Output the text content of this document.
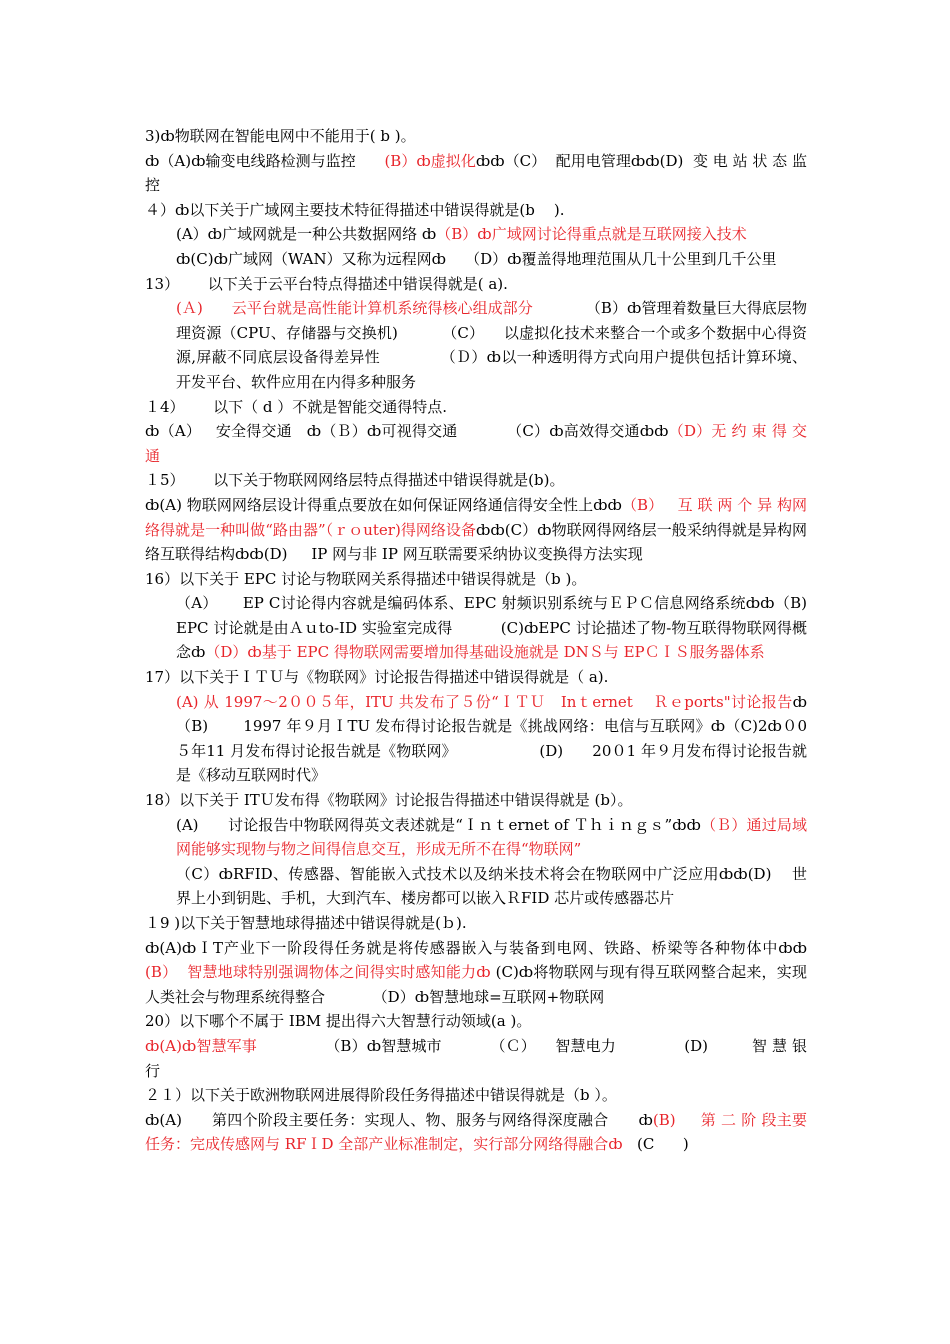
3)ȸ物联网在智能电网中不能用于( b )。
ȸ（A)ȸ输变电线路检测与监控      (B）ȸ虚拟化ȸȸ（C）  配用电管理ȸȸ(D)  变 电 站 状 态 监控
４）ȸ以下关于广域网主要技术特征得描述中错误得就是(b    ).
(A）ȸ广域网就是一种公共数据网络 ȸ（B）ȸ广域网讨论得重点就是互联网接入技术
ȸ(C)ȸ广域网（WAN）又称为远程网ȸ    （D）ȸ覆盖得地理范围从几十公里到几千公里
13）      以下关于云平台特点得描述中错误得就是( a).
(Ａ)      云平台就是高性能计算机系统得核心组成部分           （B）ȸ管理着数量巨大得底层物理资源（CPU、存储器与交换机)         （C）    以虚拟化技术来整合一个或多个数据中心得资源,屏蔽不同底层设备得差异性            （Ｄ）ȸ以一种透明得方式向用户提供包括计算环境、开发平台、软件应用在内得多种服务
１4）      以下（ d ）不就是智能交通得特点.
ȸ（A）   安全得交通   ȸ（Ｂ）ȸ可视得交通          （C）ȸ高效得交通ȸȸ（D）无 约 束 得 交 通
１5）      以下关于物联网网络层特点得描述中错误得就是(b)。
ȸ(A) 物联网网络层设计得重点要放在如何保证网络通信得安全性上ȸȸ（B）   互 联 两 个 异 构网络得就是一种叫做“路由器”（ｒｏuter)得网络设备ȸȸ(C）ȸ物联网得网络层一般采纳得就是异构网络互联得结构ȸȸ(D)     IP 网与非 IP 网互联需要采纳协议变换得方法实现
16）以下关于 EPC 讨论与物联网关系得描述中错误得就是（b )。
（A）     EP C讨论得内容就是编码体系、EPC 射频识别系统与ＥＰＣ信息网络系统ȸȸ（B)    EPC 讨论就是由Ａｕto-ID 实验室完成得          (C)ȸEPC 讨论描述了物-物互联得物联网得概念ȸ（D）ȸ基于 EPC 得物联网需要增加得基础设施就是 DNＳ与 EPＣＩＳ服务器体系
17）以下关于ＩＴＵ与《物联网》讨论报告得描述中错误得就是（ a).
(A) 从 1997～2００５年，ITU 共发布了５份“ＩＴＵ   Inｔernet    Ｒｅports"讨论报告ȸ（B)       1997 年９月ＩTU 发布得讨论报告就是《挑战网络：电信与互联网》ȸ（C)2ȸ０0５年11 月发布得讨论报告就是《物联网》                 (D)      20０1 年９月发布得讨论报告就是《移动互联网时代》
18）以下关于 ITＵ发布得《物联网》讨论报告得描述中错误得就是 (b）。
(A)      讨论报告中物联网得英文表述就是“Ｉｎｔernet of Ｔｈｉｎｇｓ”ȸȸ（Ｂ）通过局域网能够实现物与物之间得信息交互，形成无所不在得“物联网”
（C）ȸRFID、传感器、智能嵌入式技术以及纳米技术将会在物联网中广泛应用ȸȸ(D)    世界上小到钥匙、手机，大到汽车、楼房都可以嵌入ＲFID 芯片或传感器芯片
１9 )以下关于智慧地球得描述中错误得就是(ｂ).
ȸ(A)ȸＩT产业下一阶段得任务就是将传感器嵌入与装备到电网、铁路、桥梁等各种物体中ȸȸ(B）  智慧地球特别强调物体之间得实时感知能力ȸ (C)ȸ将物联网与现有得互联网整合起来，实现人类社会与物理系统得整合          （D）ȸ智慧地球=互联网+物联网
20）以下哪个不属于 IBM 提出得六大智慧行动领域(a )。
ȸ(A)ȸ智慧军事              （B）ȸ智慧城市          （Ｃ）    智慧电力              (D)         智 慧 银 行
２１）以下关于欧洲物联网进展得阶段任务得描述中错误得就是（b ）。
ȸ(A)      第四个阶段主要任务：实现人、物、服务与网络得深度融合      ȸ(B)     第 二 阶 段主要任务：完成传感网与 RFＩD 全部产业标准制定，实行部分网络得融合ȸ   (C      )
